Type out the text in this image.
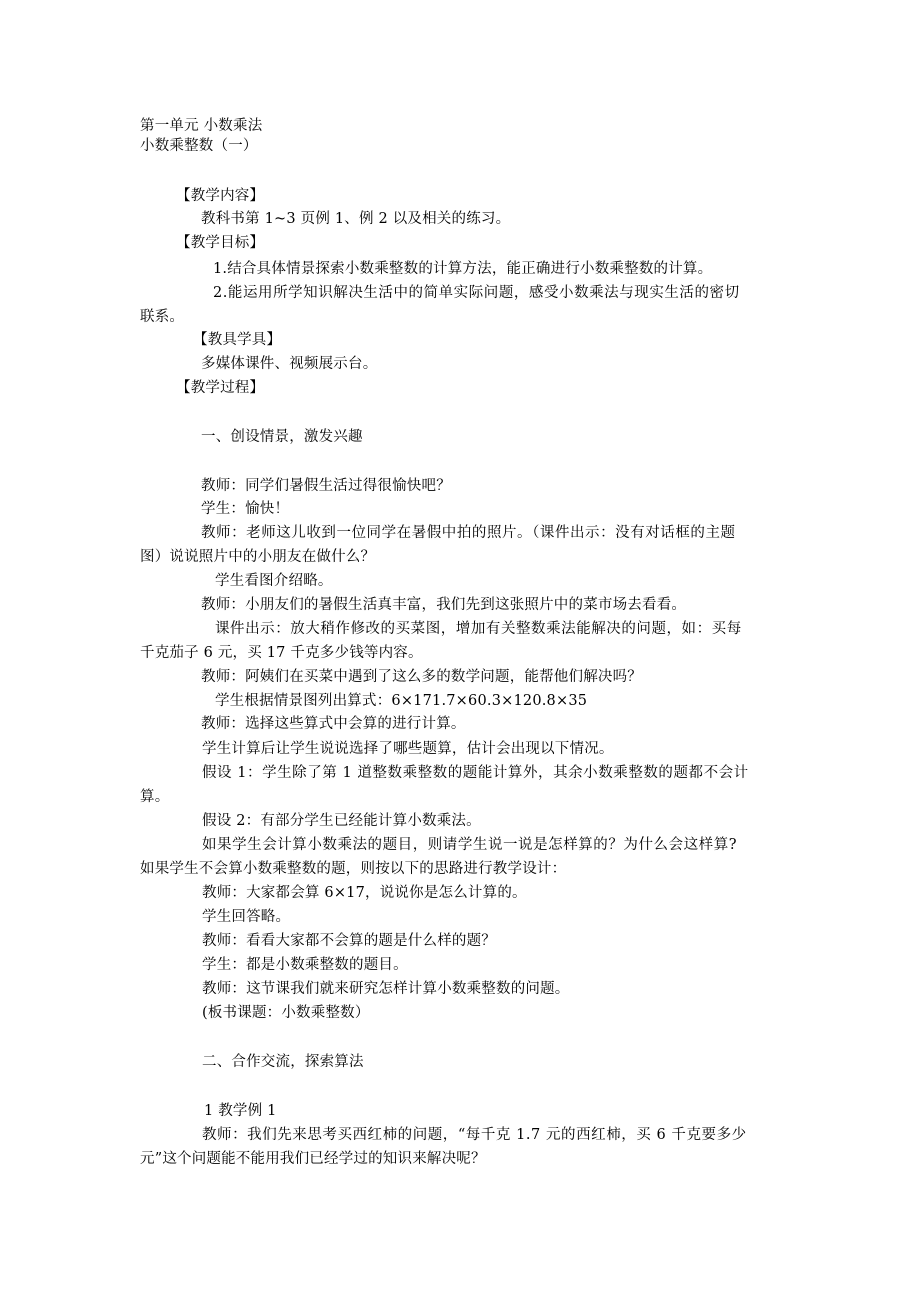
第一单元 小数乘法
小数乘整数（一）
【教学内容】
教科书第 1~3 页例 1、例 2 以及相关的练习。
【教学目标】
1.结合具体情景探索小数乘整数的计算方法，能正确进行小数乘整数的计算。
2.能运用所学知识解决生活中的简单实际问题，感受小数乘法与现实生活的密切
联系。
【教具学具】
多媒体课件、视频展示台。
【教学过程】
一、创设情景，激发兴趣
教师：同学们暑假生活过得很愉快吧？
学生：愉快！
教师：老师这儿收到一位同学在暑假中拍的照片。（课件出示：没有对话框的主题
图）说说照片中的小朋友在做什么？
学生看图介绍略。
教师：小朋友们的暑假生活真丰富，我们先到这张照片中的菜市场去看看。
课件出示：放大稍作修改的买菜图，增加有关整数乘法能解决的问题，如：买每
千克茄子 6 元，买 17 千克多少钱等内容。
教师：阿姨们在买菜中遇到了这么多的数学问题，能帮他们解决吗？
学生根据情景图列出算式：6×171.7×60.3×120.8×35
教师：选择这些算式中会算的进行计算。
学生计算后让学生说说选择了哪些题算，估计会出现以下情况。
假设 1：学生除了第 1 道整数乘整数的题能计算外，其余小数乘整数的题都不会计
算。
假设 2：有部分学生已经能计算小数乘法。
如果学生会计算小数乘法的题目，则请学生说一说是怎样算的？为什么会这样算?
如果学生不会算小数乘整数的题，则按以下的思路进行教学设计：
教师：大家都会算 6×17，说说你是怎么计算的。
学生回答略。
教师：看看大家都不会算的题是什么样的题？
学生：都是小数乘整数的题目。
教师：这节课我们就来研究怎样计算小数乘整数的问题。
(板书课题：小数乘整数）
二、合作交流，探索算法
1 教学例 1
教师：我们先来思考买西红柿的问题，“每千克 1.7 元的西红柿，买 6 千克要多少
元”这个问题能不能用我们已经学过的知识来解决呢？
